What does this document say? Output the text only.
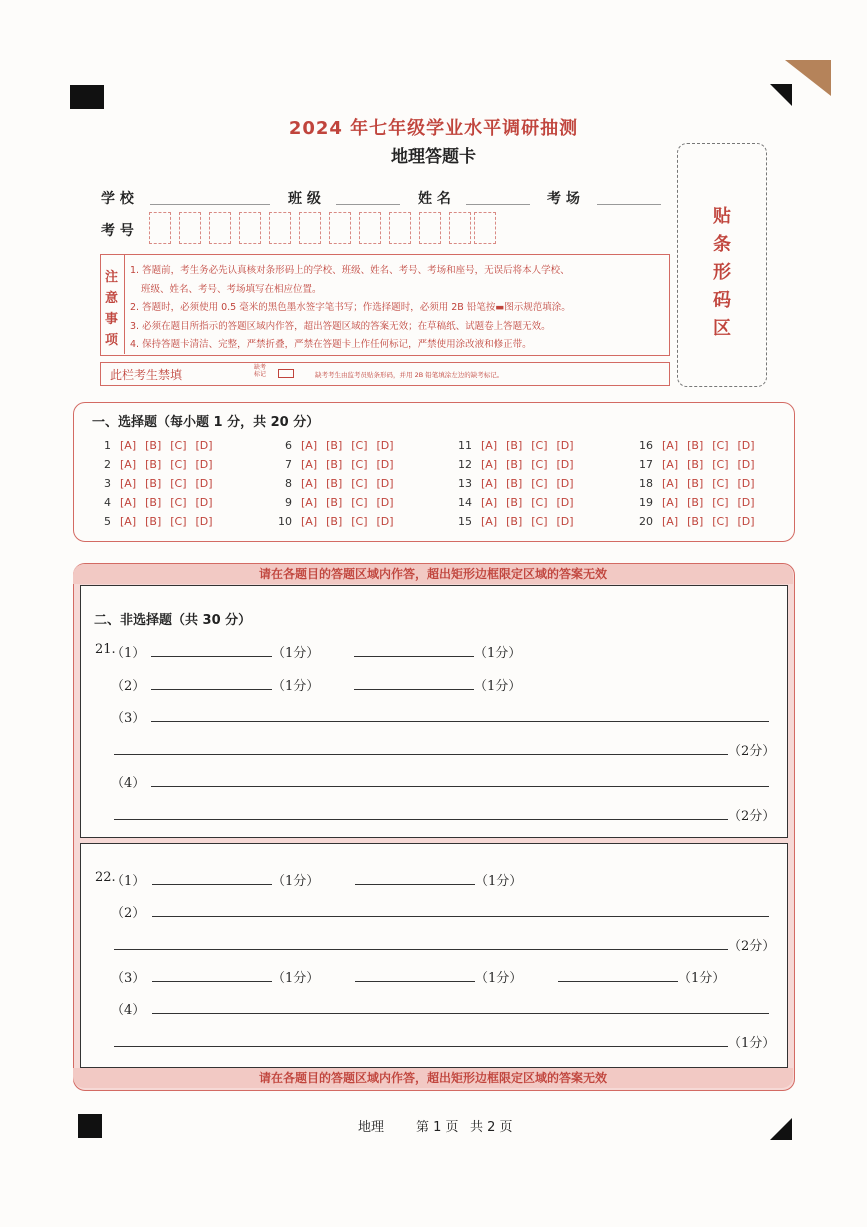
2024 年七年级学业水平调研抽测
地理答题卡
学 校	班 级	姓 名	考 场
考 号
贴
条
形
码
区
注
意
事
项
1. 答题前，考生务必先认真核对条形码上的学校、班级、姓名、考号、考场和座号，无误后将本人学校、
班级、姓名、考号、考场填写在相应位置。
2. 答题时，必须使用 0.5 毫米的黑色墨水签字笔书写；作选择题时，必须用 2B 铅笔按▬图示规范填涂。
3. 必须在题目所指示的答题区域内作答，超出答题区域的答案无效；在草稿纸、试题卷上答题无效。
4. 保持答题卡清洁、完整，严禁折叠，严禁在答题卡上作任何标记，严禁使用涂改液和修正带。
此栏考生禁填
缺考
标记	缺考考生由监考员贴条形码，并用 2B 铅笔填涂左边的缺考标记。
一、选择题（每小题 1 分，共 20 分）
1 [A] [B] [C] [D]
2 [A] [B] [C] [D]
3 [A] [B] [C] [D]
4 [A] [B] [C] [D]
5 [A] [B] [C] [D]
6 [A] [B] [C] [D]
7 [A] [B] [C] [D]
8 [A] [B] [C] [D]
9 [A] [B] [C] [D]
10 [A] [B] [C] [D]
11 [A] [B] [C] [D]
12 [A] [B] [C] [D]
13 [A] [B] [C] [D]
14 [A] [B] [C] [D]
15 [A] [B] [C] [D]
16 [A] [B] [C] [D]
17 [A] [B] [C] [D]
18 [A] [B] [C] [D]
19 [A] [B] [C] [D]
20 [A] [B] [C] [D]
请在各题目的答题区域内作答，超出矩形边框限定区域的答案无效
请在各题目的答题区域内作答，超出矩形边框限定区域的答案无效
二、非选择题（共 30 分）
21.
（1）	（1分）	（1分）
（2）	（1分）	（1分）
（3）
（2分）
（4）
（2分）
22.
（1）	（1分）	（1分）
（2）
（2分）
（3）	（1分）	（1分）	（1分）
（4）
（1分）
地理 第 1 页 共 2 页
